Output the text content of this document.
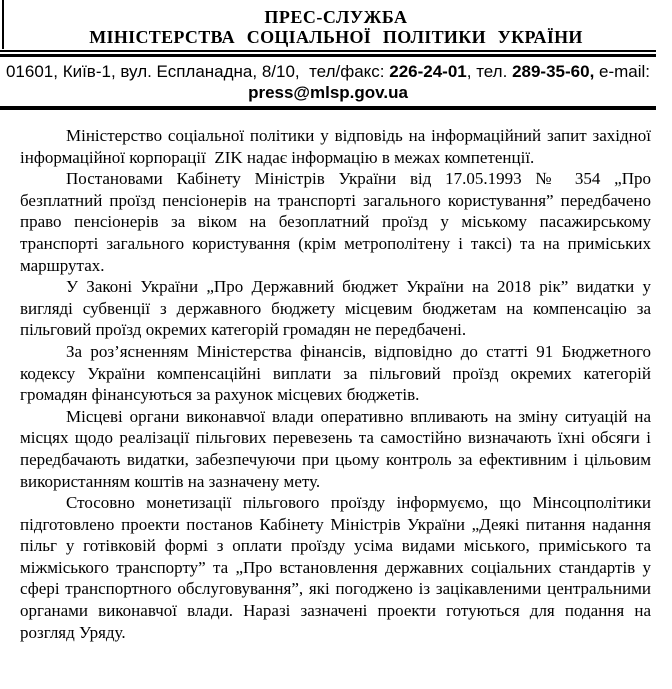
ПРЕС-СЛУЖБА
МІНІСТЕРСТВА СОЦІАЛЬНОЇ ПОЛІТИКИ УКРАЇНИ
01601, Київ-1, вул. Еспланадна, 8/10,  тел/факс: 226-24-01, тел. 289-35-60, e-mail:
press@mlsp.gov.ua

Міністерство соціальної політики у відповідь на інформаційний запит західної інформаційної корпорації  ZIK надає інформацію в межах компетенції.

Постановами Кабінету Міністрів України від 17.05.1993 № 354 „Про безплатний проїзд пенсіонерів на транспорті загального користування” передбачено право пенсіонерів за віком на безоплатний проїзд у міському пасажирському транспорті загального користування (крім метрополітену і таксі) та на приміських маршрутах.

У Законі України „Про Державний бюджет України на 2018 рік” видатки у вигляді субвенції з державного бюджету місцевим бюджетам на компенсацію за пільговий проїзд окремих категорій громадян не передбачені.

За роз’ясненням Міністерства фінансів, відповідно до статті 91 Бюджетного кодексу України компенсаційні виплати за пільговий проїзд окремих категорій громадян фінансуються за рахунок місцевих бюджетів.

Місцеві органи виконавчої влади оперативно впливають на зміну ситуацій на місцях щодо реалізації пільгових перевезень та самостійно визначають їхні обсяги і передбачають видатки, забезпечуючи при цьому контроль за ефективним і цільовим використанням коштів на зазначену мету.

Стосовно монетизації пільгового проїзду інформуємо, що Мінсоцполітики підготовлено проекти постанов Кабінету Міністрів України „Деякі питання надання пільг у готівковій формі з оплати проїзду усіма видами міського, приміського та міжміського транспорту” та „Про встановлення державних соціальних стандартів у сфері транспортного обслуговування”, які погоджено із зацікавленими центральними органами виконавчої влади. Наразі зазначені проекти готуються для подання на розгляд Уряду.
